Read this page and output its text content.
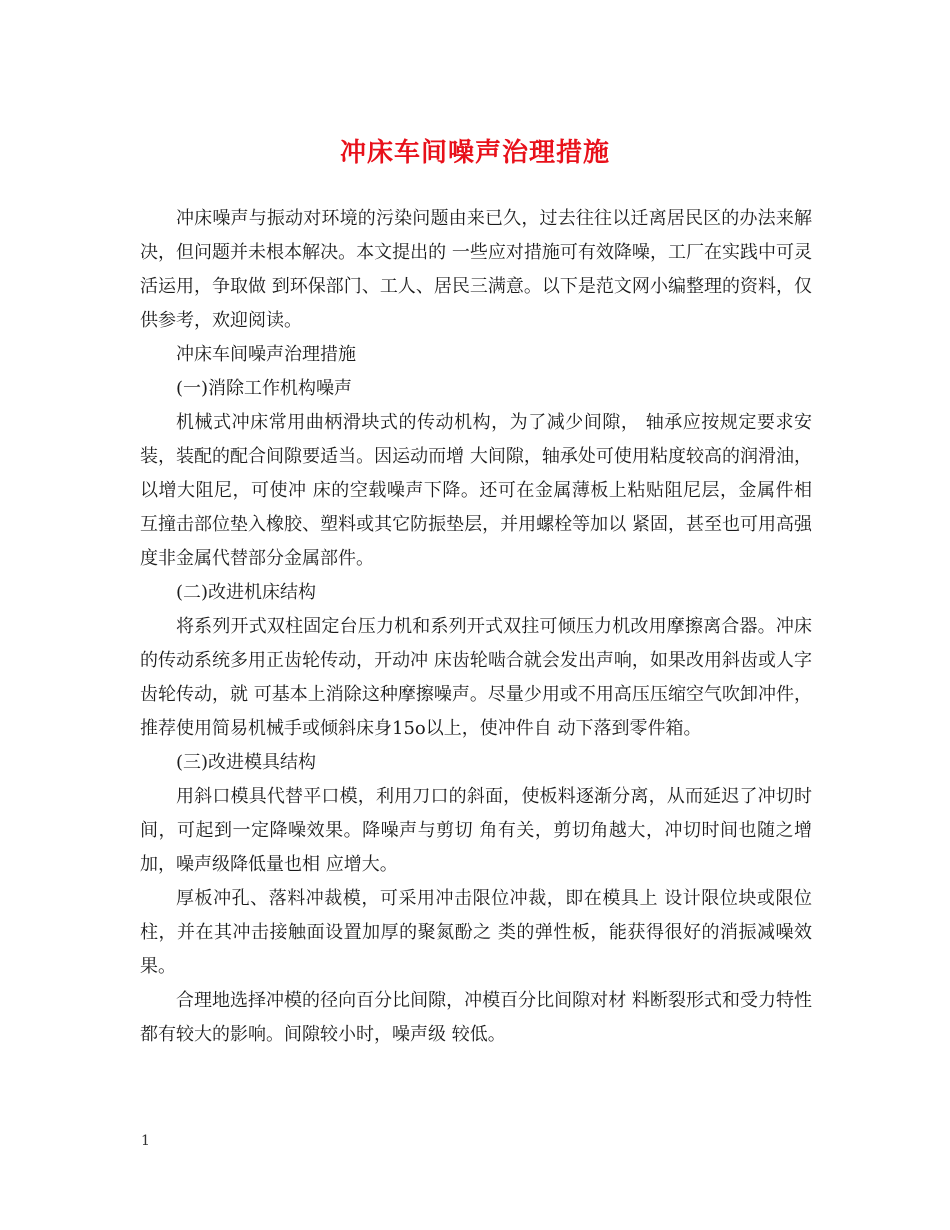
冲床车间噪声治理措施

冲床噪声与振动对环境的污染问题由来已久，过去往往以迁离居民区的办法来解决，但问题并未根本解决。本文提出的 一些应对措施可有效降噪，工厂在实践中可灵活运用，争取做 到环保部门、工人、居民三满意。以下是范文网小编整理的资料，仅供参考，欢迎阅读。

冲床车间噪声治理措施

(一)消除工作机构噪声

机械式冲床常用曲柄滑块式的传动机构，为了减少间隙， 轴承应按规定要求安装，装配的配合间隙要适当。因运动而增 大间隙，轴承处可使用粘度较高的润滑油，以增大阻尼，可使冲 床的空载噪声下降。还可在金属薄板上粘贴阻尼层，金属件相 互撞击部位垫入橡胶、塑料或其它防振垫层，并用螺栓等加以 紧固，甚至也可用高强度非金属代替部分金属部件。

(二)改进机床结构

将系列开式双柱固定台压力机和系列开式双拄可倾压力机改用摩擦离合器。冲床的传动系统多用正齿轮传动，开动冲 床齿轮啮合就会发出声响，如果改用斜齿或人字齿轮传动，就 可基本上消除这种摩擦噪声。尽量少用或不用高压压缩空气吹卸冲件，推荐使用简易机械手或倾斜床身15o以上，使冲件自 动下落到零件箱。

(三)改进模具结构

用斜口模具代替平口模，利用刀口的斜面，使板料逐渐分离，从而延迟了冲切时间，可起到一定降噪效果。降噪声与剪切 角有关，剪切角越大，冲切时间也随之增加，噪声级降低量也相 应增大。

厚板冲孔、落料冲裁模，可采用冲击限位冲裁，即在模具上 设计限位块或限位柱，并在其冲击接触面设置加厚的聚氮酚之 类的弹性板，能获得很好的消振减噪效果。

合理地选择冲模的径向百分比间隙，冲模百分比间隙对材 料断裂形式和受力特性都有较大的影响。间隙较小时，噪声级 较低。

1
